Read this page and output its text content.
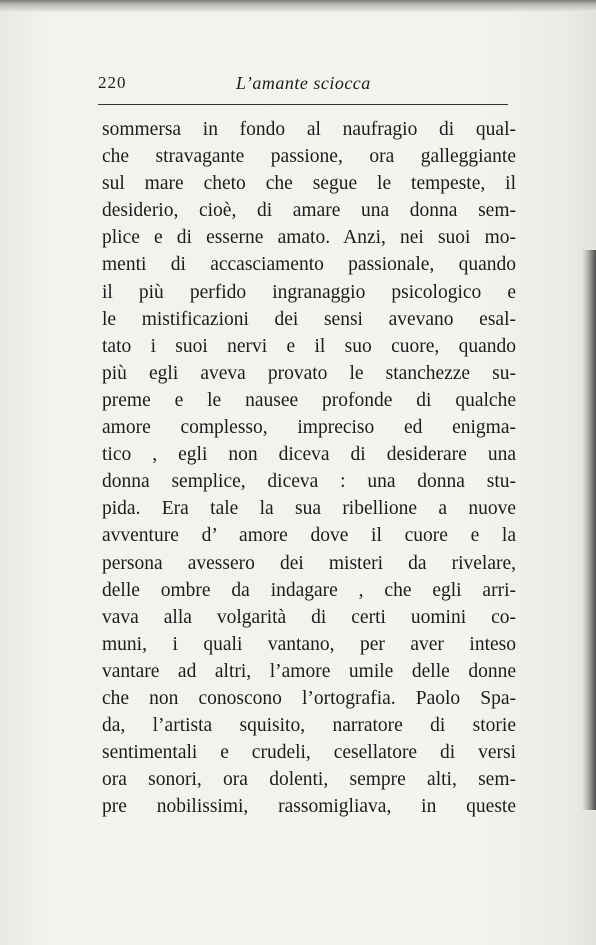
220	L’amante sciocca
sommersa in fondo al naufragio di qual-
che stravagante passione, ora galleggiante
sul mare cheto che segue le tempeste, il
desiderio, cioè, di amare una donna sem-
plice e di esserne amato. Anzi, nei suoi mo-
menti di accasciamento passionale, quando
il più perfido ingranaggio psicologico e
le mistificazioni dei sensi avevano esal-
tato i suoi nervi e il suo cuore, quando
più egli aveva provato le stanchezze su-
preme e le nausee profonde di qualche
amore complesso, impreciso ed enigma-
tico , egli non diceva di desiderare una
donna semplice, diceva : una donna stu-
pida. Era tale la sua ribellione a nuove
avventure d’ amore dove il cuore e la
persona avessero dei misteri da rivelare,
delle ombre da indagare , che egli arri-
vava alla volgarità di certi uomini co-
muni, i quali vantano, per aver inteso
vantare ad altri, l’amore umile delle donne
che non conoscono l’ortografia. Paolo Spa-
da, l’artista squisito, narratore di storie
sentimentali e crudeli, cesellatore di versi
ora sonori, ora dolenti, sempre alti, sem-
pre nobilissimi, rassomigliava, in queste
